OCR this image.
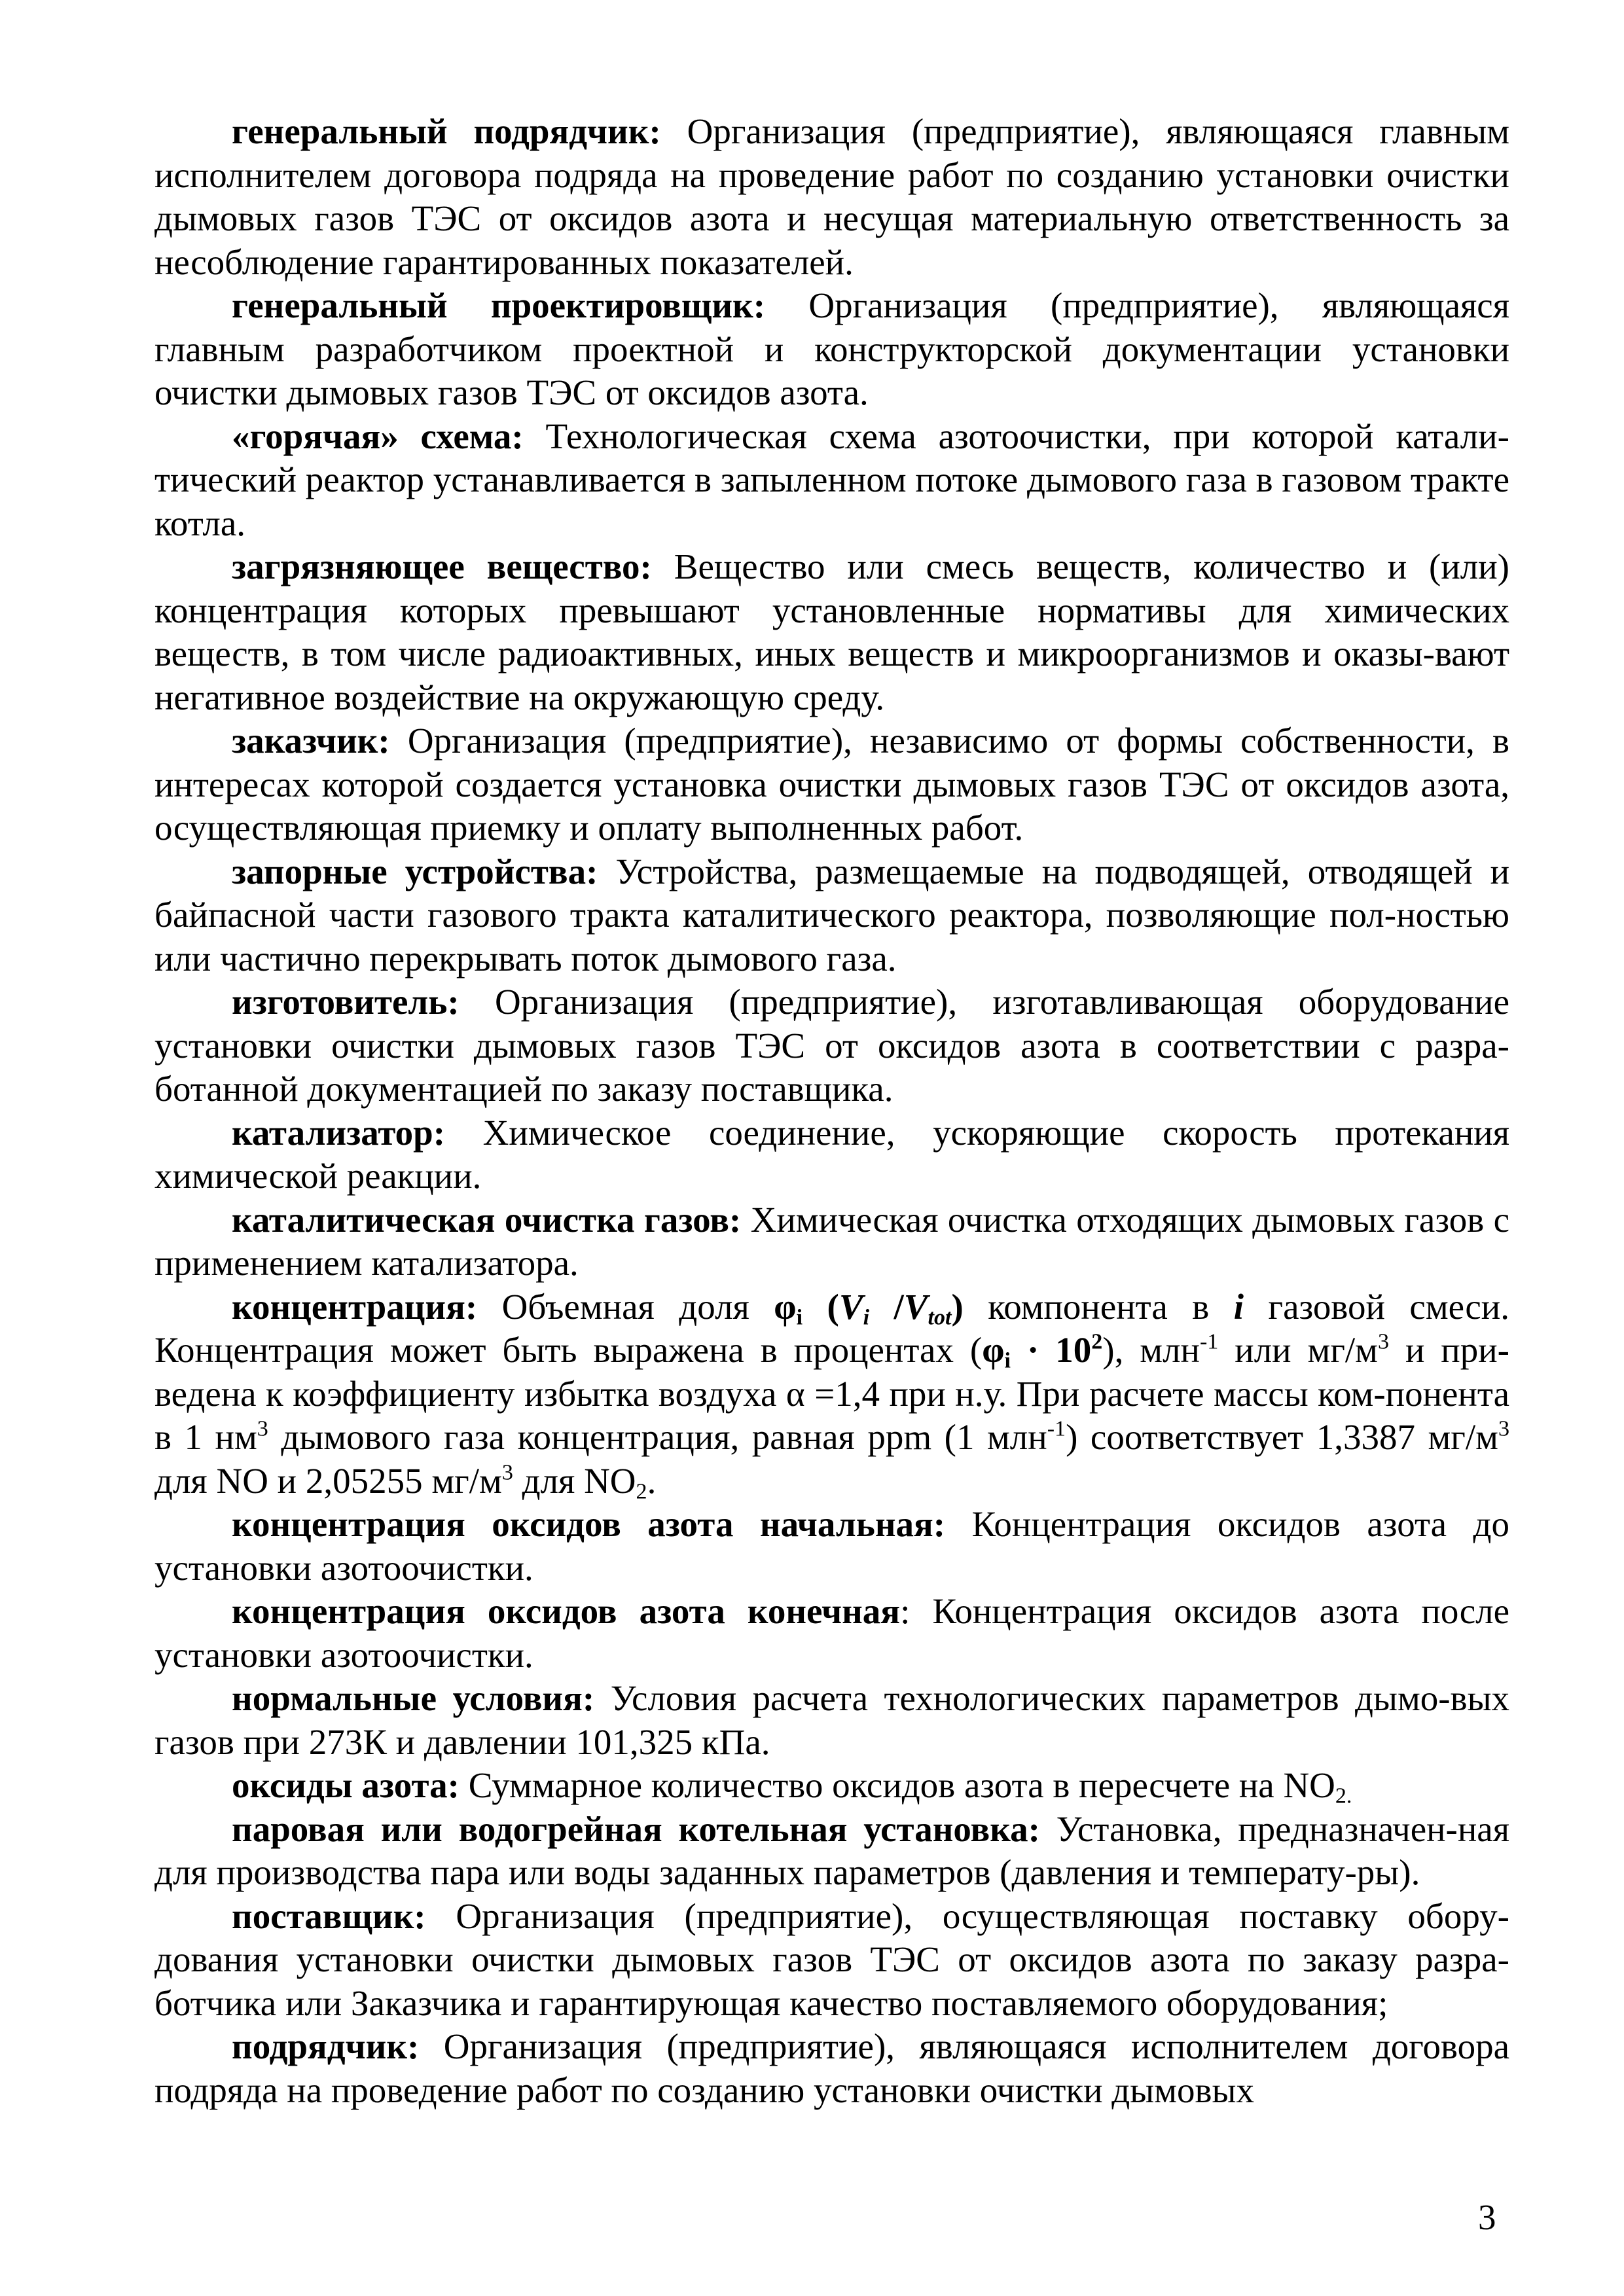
генеральный подрядчик: Организация (предприятие), являющаяся главным исполнителем договора подряда на проведение работ по созданию установки очистки дымовых газов ТЭС от оксидов азота и несущая материальную ответственность за несоблюдение гарантированных показателей.

генеральный проектировщик: Организация (предприятие), являющаяся главным разработчиком проектной и конструкторской документации установки очистки дымовых газов ТЭС от оксидов азота.

«горячая» схема: Технологическая схема азотоочистки, при которой катали-тический реактор устанавливается в запыленном потоке дымового газа в газовом тракте котла.

загрязняющее вещество: Вещество или смесь веществ, количество и (или) концентрация которых превышают установленные нормативы для химических веществ, в том числе радиоактивных, иных веществ и микроорганизмов и оказы-вают негативное воздействие на окружающую среду.

заказчик: Организация (предприятие), независимо от формы собственности, в интересах которой создается установка очистки дымовых газов ТЭС от оксидов азота, осуществляющая приемку и оплату выполненных работ.

запорные устройства: Устройства, размещаемые на подводящей, отводящей и байпасной части газового тракта каталитического реактора, позволяющие пол-ностью или частично перекрывать поток дымового газа.

изготовитель: Организация (предприятие), изготавливающая оборудование установки очистки дымовых газов ТЭС от оксидов азота в соответствии с разра-ботанной документацией по заказу поставщика.

катализатор: Химическое соединение, ускоряющие скорость протекания химической реакции.

каталитическая очистка газов: Химическая очистка отходящих дымовых газов с применением катализатора.

концентрация: Объемная доля $\varphi_i$ ($V_i$ $/V_{tot}$) компонента в i газовой смеси. Концентрация может быть выражена в процентах $(\varphi_i \cdot 10^2)$, млн$^{-1}$ или $мг/м^3$ и при-ведена к коэффициенту избытка воздуха α =1,4 при н.у. При расчете массы ком-понента в 1 $нм^3$ дымового газа концентрация, равная ppm (1 млн$^{-1}$) соответствует 1,3387 $мг/м^3$ для NO и 2,05255 $мг/м^3$ для $NO_2$.

концентрация оксидов азота начальная: Концентрация оксидов азота до установки азотоочистки.

концентрация оксидов азота конечная: Концентрация оксидов азота после установки азотоочистки.

нормальные условия: Условия расчета технологических параметров дымо-вых газов при 273К и давлении 101,325 кПа.

оксиды азота: Суммарное количество оксидов азота в пересчете на $NO_{2.}$

паровая или водогрейная котельная установка: Установка, предназначен-ная для производства пара или воды заданных параметров (давления и температу-ры).

поставщик: Организация (предприятие), осуществляющая поставку обору-дования установки очистки дымовых газов ТЭС от оксидов азота по заказу разра-ботчика или Заказчика и гарантирующая качество поставляемого оборудования;

подрядчик: Организация (предприятие), являющаяся исполнителем договора подряда на проведение работ по созданию установки очистки дымовых

3
